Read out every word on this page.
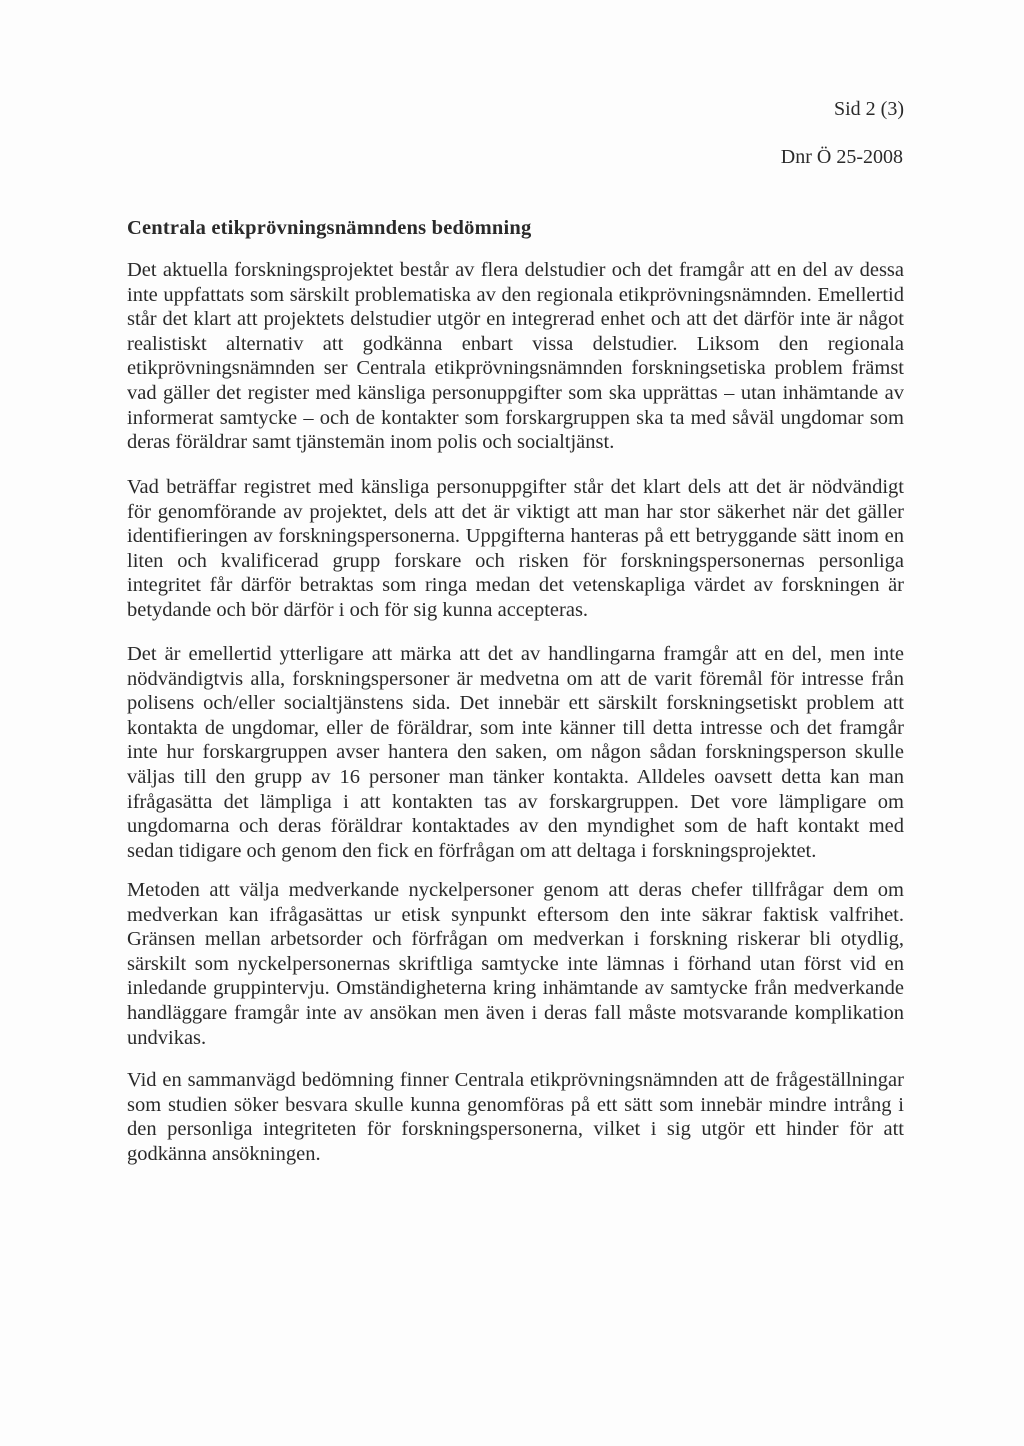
Sid 2 (3)
Dnr Ö 25-2008
Centrala etikprövningsnämndens bedömning

Det aktuella forskningsprojektet består av flera delstudier och det framgår att en del av dessa inte uppfattats som särskilt problematiska av den regionala etikprövningsnämnden. Emellertid står det klart att projektets delstudier utgör en integrerad enhet och att det därför inte är något realistiskt alternativ att godkänna enbart vissa delstudier. Liksom den regionala etikprövningsnämnden ser Centrala etikprövningsnämnden forskningsetiska problem främst vad gäller det register med känsliga personuppgifter som ska upprättas – utan inhämtande av informerat samtycke – och de kontakter som forskargruppen ska ta med såväl ungdomar som deras föräldrar samt tjänstemän inom polis och socialtjänst.

Vad beträffar registret med känsliga personuppgifter står det klart dels att det är nödvändigt för genomförande av projektet, dels att det är viktigt att man har stor säkerhet när det gäller identifieringen av forskningspersonerna. Uppgifterna hanteras på ett betryggande sätt inom en liten och kvalificerad grupp forskare och risken för forskningspersonernas personliga integritet får därför betraktas som ringa medan det vetenskapliga värdet av forskningen är betydande och bör därför i och för sig kunna accepteras.

Det är emellertid ytterligare att märka att det av handlingarna framgår att en del, men inte nödvändigtvis alla, forskningspersoner är medvetna om att de varit föremål för intresse från polisens och/eller socialtjänstens sida. Det innebär ett särskilt forskningsetiskt problem att kontakta de ungdomar, eller de föräldrar, som inte känner till detta intresse och det framgår inte hur forskargruppen avser hantera den saken, om någon sådan forskningsperson skulle väljas till den grupp av 16 personer man tänker kontakta. Alldeles oavsett detta kan man ifrågasätta det lämpliga i att kontakten tas av forskargruppen. Det vore lämpligare om ungdomarna och deras föräldrar kontaktades av den myndighet som de haft kontakt med sedan tidigare och genom den fick en förfrågan om att deltaga i forskningsprojektet.

Metoden att välja medverkande nyckelpersoner genom att deras chefer tillfrågar dem om medverkan kan ifrågasättas ur etisk synpunkt eftersom den inte säkrar faktisk valfrihet. Gränsen mellan arbetsorder och förfrågan om medverkan i forskning riskerar bli otydlig, särskilt som nyckelpersonernas skriftliga samtycke inte lämnas i förhand utan först vid en inledande gruppintervju. Omständigheterna kring inhämtande av samtycke från medverkande handläggare framgår inte av ansökan men även i deras fall måste motsvarande komplikation undvikas.

Vid en sammanvägd bedömning finner Centrala etikprövningsnämnden att de frågeställningar som studien söker besvara skulle kunna genomföras på ett sätt som innebär mindre intrång i den personliga integriteten för forskningspersonerna, vilket i sig utgör ett hinder för att godkänna ansökningen.
